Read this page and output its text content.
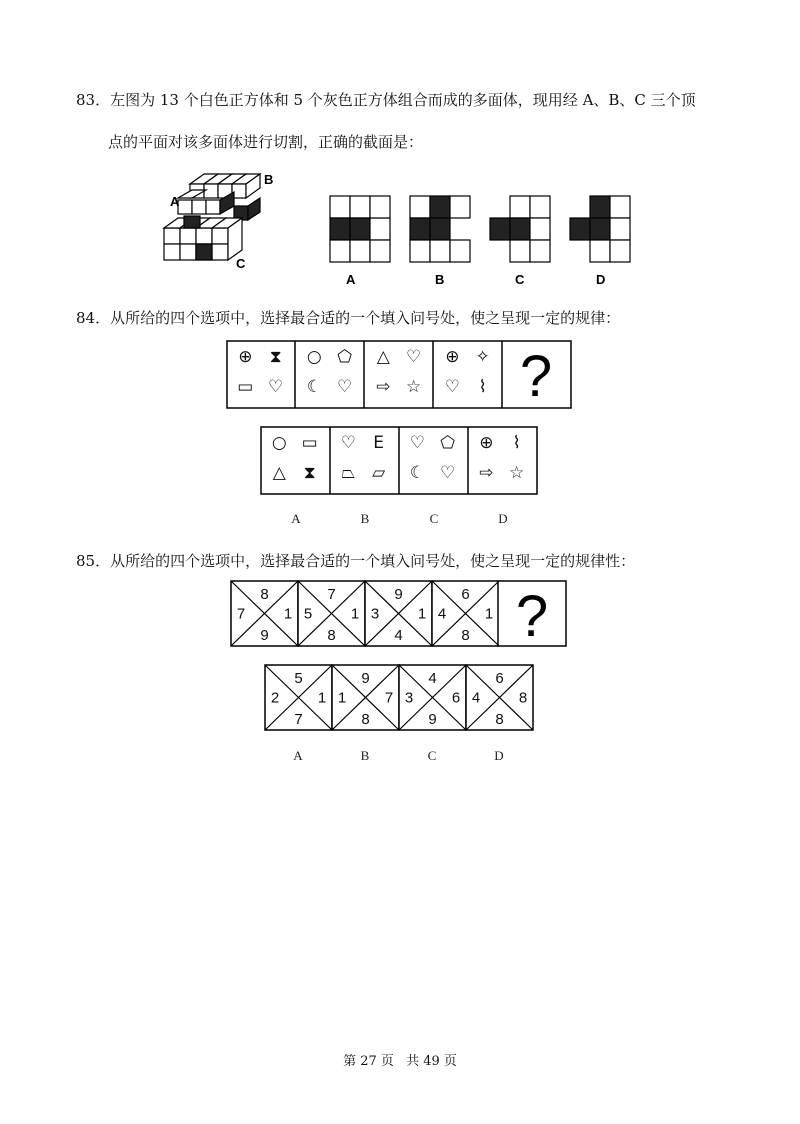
83．左图为 13 个白色正方体和 5 个灰色正方体组合而成的多面体，现用经 A、B、C 三个顶
点的平面对该多面体进行切割，正确的截面是：
A
B
C
A	B	C	D
84．从所给的四个选项中，选择最合适的一个填入问号处，使之呈现一定的规律：
⊕ ⧗
▭ ♡
○ ⬠
☾ ♡
△ ♡
⇨ ☆
⊕ ✧
♡ ⌇ ?
○ ▭
△ ⧗
♡ E
⏢ ▱
♡ ⬠
☾ ♡
⊕ ⌇
⇨ ☆
A	B	C	D
85．从所给的四个选项中，选择最合适的一个填入问号处，使之呈现一定的规律性：
8
7	1
9
7
5	1
8
9
3	1
4
6
4	1
8 ?
5
2	1
7
9
1	7
8
4
3	6
9
6
4	8
8
A	B	C	D
第 27 页 共 49 页
